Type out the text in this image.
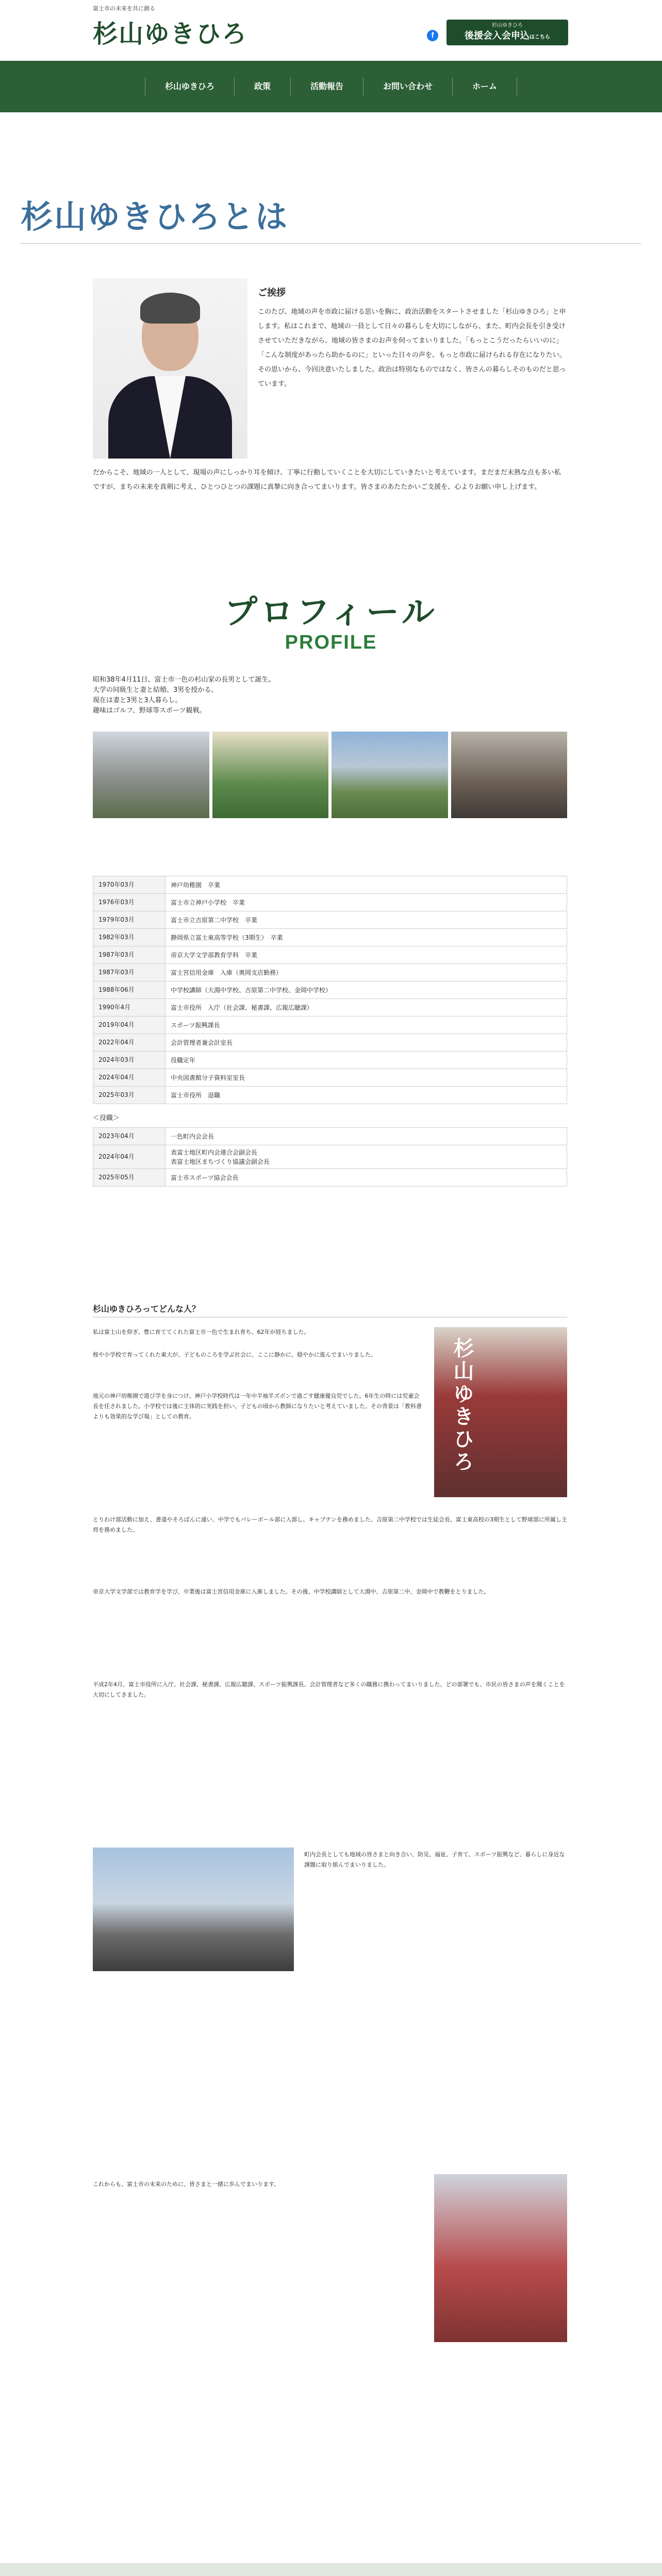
富士市の未来を共に創る
杉山ゆきひろ	f
杉山ゆきひろ
後援会入会申込はこちら
杉山ゆきひろ	政策	活動報告	お問い合わせ	ホーム
杉山ゆきひろとは
ご挨拶

このたび、地域の声を市政に届ける思いを胸に、政治活動をスタートさせました「杉山ゆきひろ」と申します。私はこれまで、地域の一員として日々の暮らしを大切にしながら、また、町内会長を引き受けさせていただきながら、地域の皆さまのお声を伺ってまいりました。「もっとこうだったらいいのに」「こんな制度があったら助かるのに」といった日々の声を、もっと市政に届けられる存在になりたい。その思いから、今回決意いたしました。政治は特別なものではなく、皆さんの暮らしそのものだと思っています。

だからこそ、地域の一人として、現場の声にしっかり耳を傾け、丁寧に行動していくことを大切にしていきたいと考えています。まだまだ未熟な点も多い私ですが、まちの未来を真剣に考え、ひとつひとつの課題に真摯に向き合ってまいります。皆さまのあたたかいご支援を、心よりお願い申し上げます。

プロフィール
PROFILE
昭和38年4月11日、富士市一色の杉山家の長男として誕生。
大学の同級生と妻と結婚、3男を授かる。
現在は妻と3男と3人暮らし。
趣味はゴルフ、野球等スポーツ観戦。
1970年03月	神戸幼稚園　卒業
1976年03月	富士市立神戸小学校　卒業
1979年03月	富士市立吉原第二中学校　卒業
1982年03月	静岡県立富士東高等学校（3期生）　卒業
1987年03月	帝京大学文学部教育学科　卒業
1987年03月	富士宮信用金庫　入庫（奥岡支店勤務）
1988年06月	中学校講師（大淵中学校、吉原第二中学校、金岡中学校）
1990年4月	富士市役所　入庁（社会課、秘書課、広報広聴課）
2019年04月	スポーツ振興課長
2022年04月	会計管理者兼会計室長
2024年03月	役職定年
2024年04月	中央図書館分子資料室室長
2025年03月	富士市役所　退職
＜役職＞
2023年04月	一色町内会会長
2024年04月	表富士地区町内会連合会副会長
表富士地区まちづくり協議会副会長
2025年05月	富士市スポーツ協会会長
杉山ゆきひろってどんな人？
杉山ゆきひろ

私は富士山を仰ぎ、豊に育ててくれた富士市一色で生まれ育ち、62年が経ちました。

桜や小学校で育ってくれた東大が、子どものころを学ぶ社会に、ここに静かに、穏やかに進んでまいりました。

地元の神戸幼稚園で遊び学を身につけ、神戸小学校時代は一年中半袖半ズボンで過ごす健康優良児でした。6年生の時には児童会長を任されました。小学校では後に主体的に実践を担い、子どもの頃から教師になりたいと考えていました。その背景は「教科書よりも効果的な学び場」としての教育。

とりわけ部活動に加え、書道やそろばんに通い、中学でもバレーボール部に入部し、キャプテンを務めました。吉原第二中学校では生徒会長、富士東高校の3期生として野球部に所属し主将を務めました。

帝京大学文学部では教育学を学び、卒業後は富士宮信用金庫に入庫しました。その後、中学校講師として大淵中、吉原第二中、金岡中で教鞭をとりました。

平成2年4月、富士市役所に入庁。社会課、秘書課、広報広聴課、スポーツ振興課長、会計管理者など多くの職務に携わってまいりました。どの部署でも、市民の皆さまの声を聞くことを大切にしてきました。

町内会長としても地域の皆さまと向き合い、防災、福祉、子育て、スポーツ振興など、暮らしに身近な課題に取り組んでまいりました。

これからも、富士市の未来のために、皆さまと一緒に歩んでまいります。
